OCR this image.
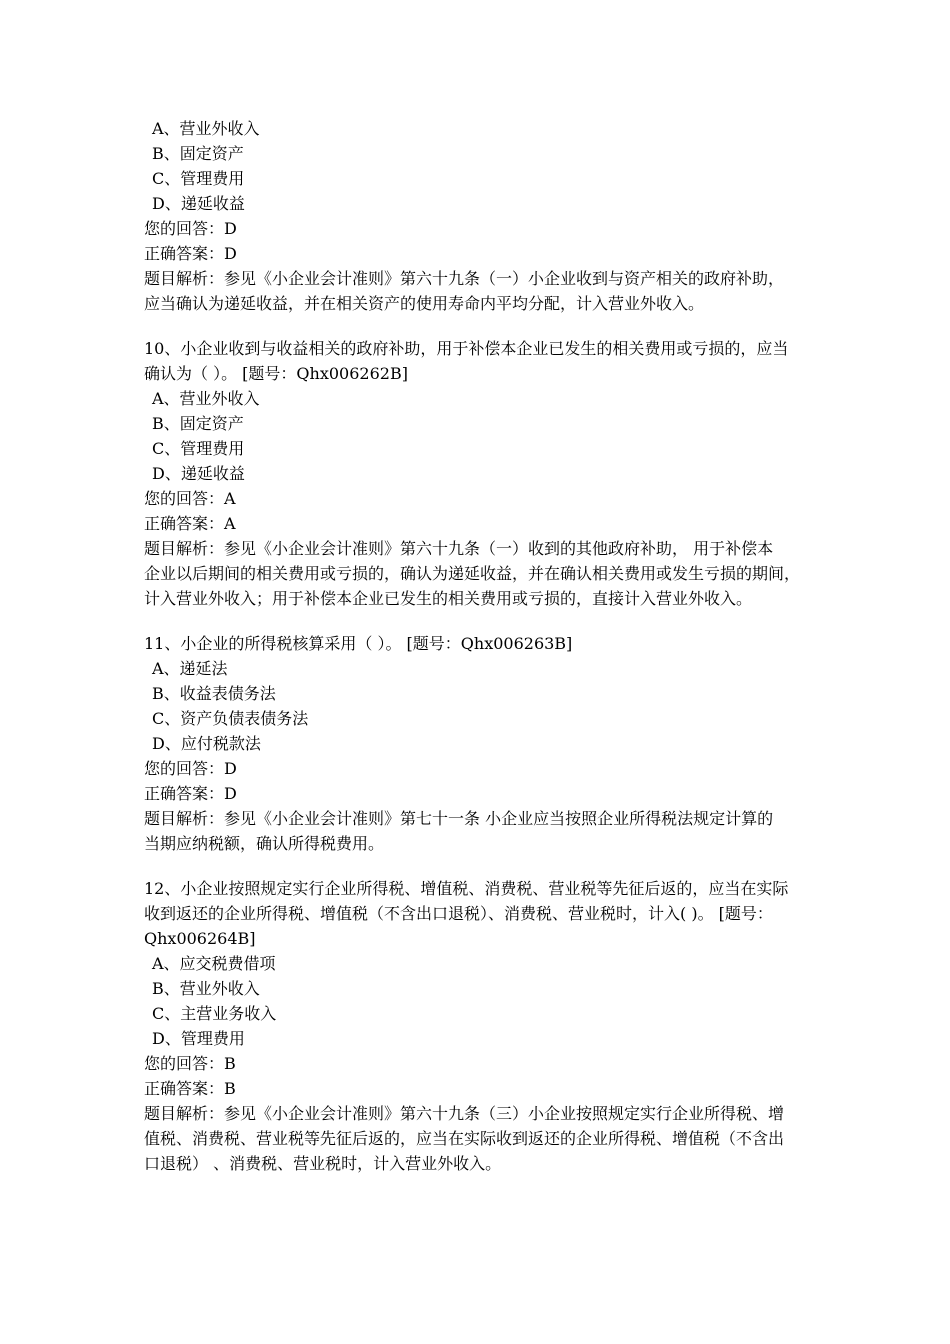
A、营业外收入
B、固定资产
C、管理费用
D、递延收益
您的回答：D
正确答案：D
题目解析：参见《小企业会计准则》第六十九条（一）小企业收到与资产相关的政府补助，
应当确认为递延收益，并在相关资产的使用寿命内平均分配，计入营业外收入。
10、小企业收到与收益相关的政府补助，用于补偿本企业已发生的相关费用或亏损的，应当
确认为（ ）。 [题号：Qhx006262B]
A、营业外收入
B、固定资产
C、管理费用
D、递延收益
您的回答：A
正确答案：A
题目解析：参见《小企业会计准则》第六十九条（一）收到的其他政府补助， 用于补偿本
企业以后期间的相关费用或亏损的，确认为递延收益，并在确认相关费用或发生亏损的期间，
计入营业外收入；用于补偿本企业已发生的相关费用或亏损的，直接计入营业外收入。
11、小企业的所得税核算采用（ ）。 [题号：Qhx006263B]
A、递延法
B、收益表债务法
C、资产负债表债务法
D、应付税款法
您的回答：D
正确答案：D
题目解析：参见《小企业会计准则》第七十一条 小企业应当按照企业所得税法规定计算的
当期应纳税额，确认所得税费用。
12、小企业按照规定实行企业所得税、增值税、消费税、营业税等先征后返的，应当在实际
收到返还的企业所得税、增值税（不含出口退税）、消费税、营业税时，计入( )。 [题号：
Qhx006264B]
A、应交税费借项
B、营业外收入
C、主营业务收入
D、管理费用
您的回答：B
正确答案：B
题目解析：参见《小企业会计准则》第六十九条（三）小企业按照规定实行企业所得税、增
值税、消费税、营业税等先征后返的，应当在实际收到返还的企业所得税、增值税（不含出
口退税） 、消费税、营业税时，计入营业外收入。
